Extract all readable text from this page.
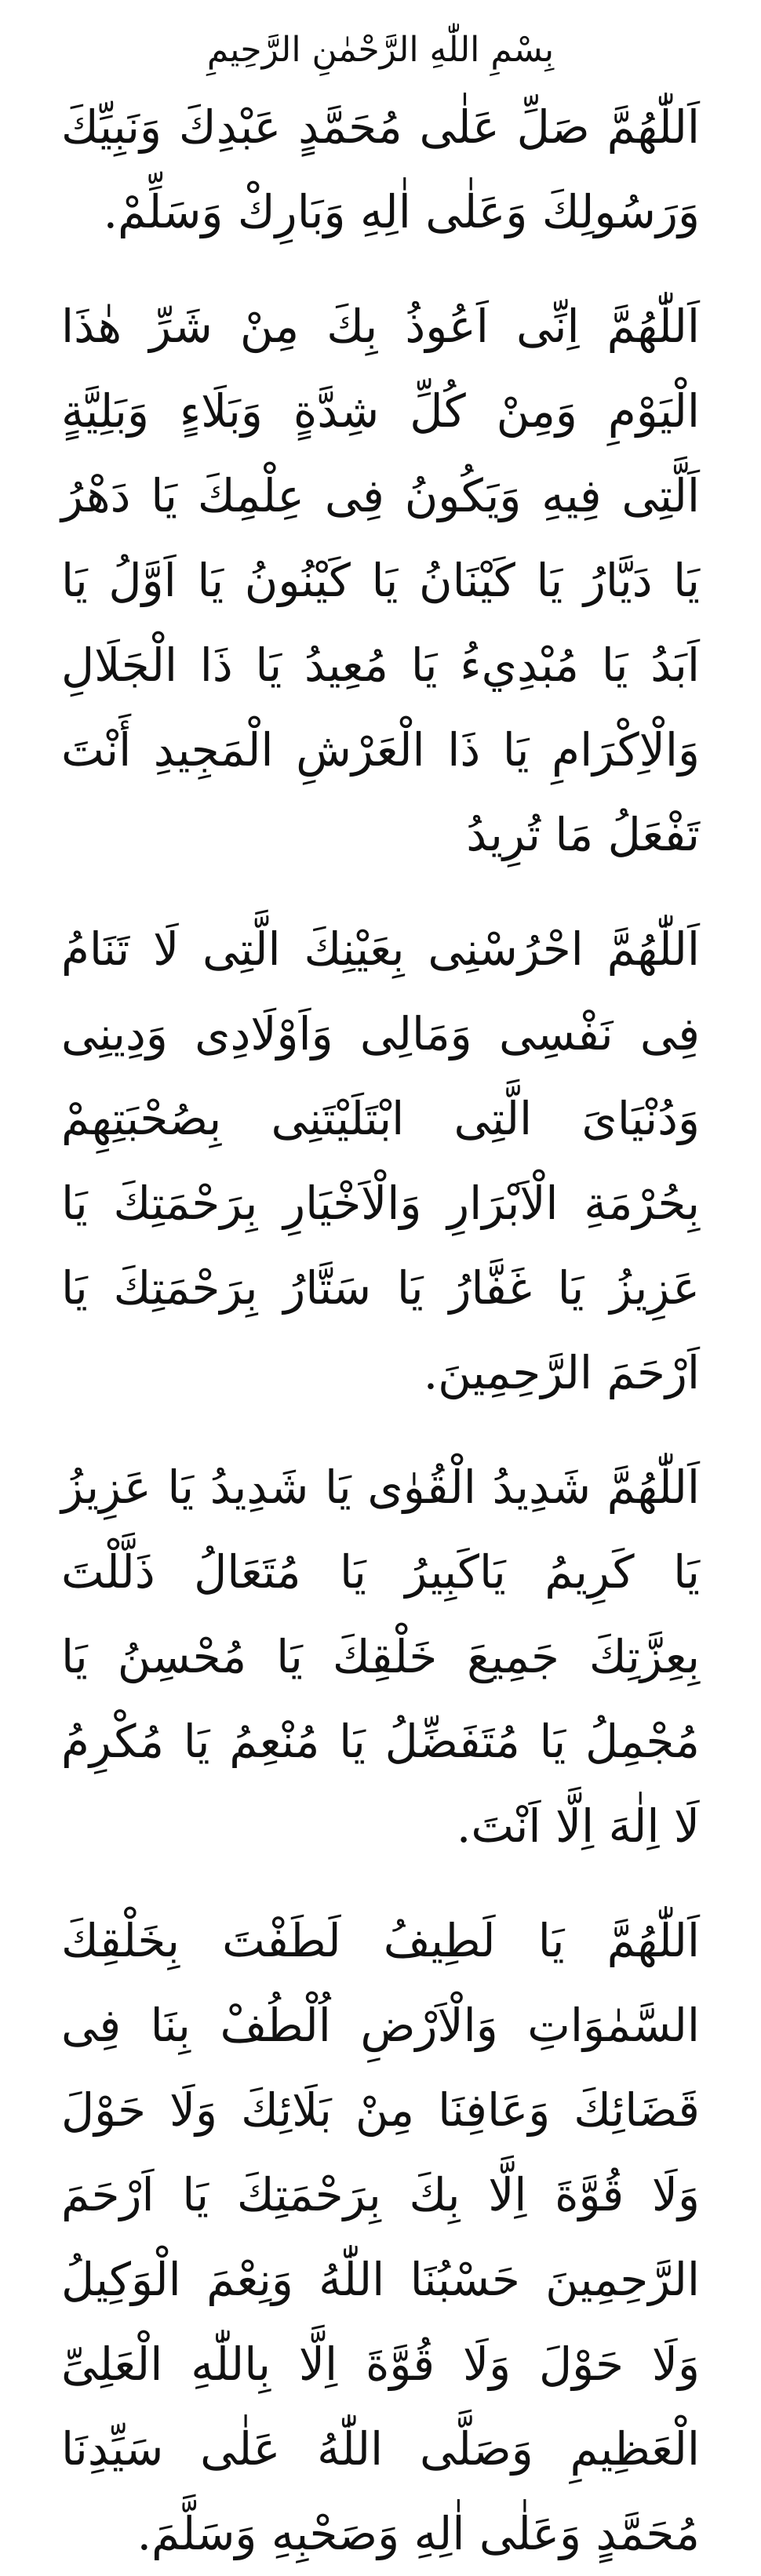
بِسْمِ اللّٰهِ الرَّحْمٰنِ الرَّحِيمِ

اَللّٰهُمَّ صَلِّ عَلٰى مُحَمَّدٍ عَبْدِكَ وَنَبِيِّكَ وَرَسُولِكَ وَعَلٰى اٰلِهِ وَبَارِكْ وَسَلِّمْ.

اَللّٰهُمَّ اِنِّى اَعُوذُ بِكَ مِنْ شَرِّ هٰذَا الْيَوْمِ وَمِنْ كُلِّ شِدَّةٍ وَبَلَاءٍ وَبَلِيَّةٍ اَلَّتِى فِيهِ وَيَكُونُ فِى عِلْمِكَ يَا دَهْرُ يَا دَيَّارُ يَا كَيْنَانُ يَا كَيْنُونُ يَا اَوَّلُ يَا اَبَدُ يَا مُبْدِيءُ يَا مُعِيدُ يَا ذَا الْجَلَالِ وَالْاِكْرَامِ يَا ذَا الْعَرْشِ الْمَجِيدِ أَنْتَ تَفْعَلُ مَا تُرِيدُ

اَللّٰهُمَّ احْرُسْنِى بِعَيْنِكَ الَّتِى لَا تَنَامُ فِى نَفْسِى وَمَالِى وَاَوْلَادِى وَدِينِى وَدُنْيَاىَ الَّتِى ابْتَلَيْتَنِى بِصُحْبَتِهِمْ بِحُرْمَةِ الْاَبْرَارِ وَالْاَخْيَارِ بِرَحْمَتِكَ يَا عَزِيزُ يَا غَفَّارُ يَا سَتَّارُ بِرَحْمَتِكَ يَا اَرْحَمَ الرَّحِمِينَ.

اَللّٰهُمَّ شَدِيدُ الْقُوٰى يَا شَدِيدُ يَا عَزِيزُ يَا كَرِيمُ يَاكَبِيرُ يَا مُتَعَالُ ذَلَّلْتَ بِعِزَّتِكَ جَمِيعَ خَلْقِكَ يَا مُحْسِنُ يَا مُجْمِلُ يَا مُتَفَضِّلُ يَا مُنْعِمُ يَا مُكْرِمُ لَا اِلٰهَ اِلَّا اَنْتَ.

اَللّٰهُمَّ يَا لَطِيفُ لَطَفْتَ بِخَلْقِكَ السَّمٰوَاتِ وَالْاَرْضِ اُلْطُفْ بِنَا فِى قَضَائِكَ وَعَافِنَا مِنْ بَلَائِكَ وَلَا حَوْلَ وَلَا قُوَّةَ اِلَّا بِكَ بِرَحْمَتِكَ يَا اَرْحَمَ الرَّحِمِينَ حَسْبُنَا اللّٰهُ وَنِعْمَ الْوَكِيلُ وَلَا حَوْلَ وَلَا قُوَّةَ اِلَّا بِاللّٰهِ الْعَلِىِّ الْعَظِيمِ وَصَلَّى اللّٰهُ عَلٰى سَيِّدِنَا مُحَمَّدٍ وَعَلٰى اٰلِهِ وَصَحْبِهِ وَسَلَّمَ.
